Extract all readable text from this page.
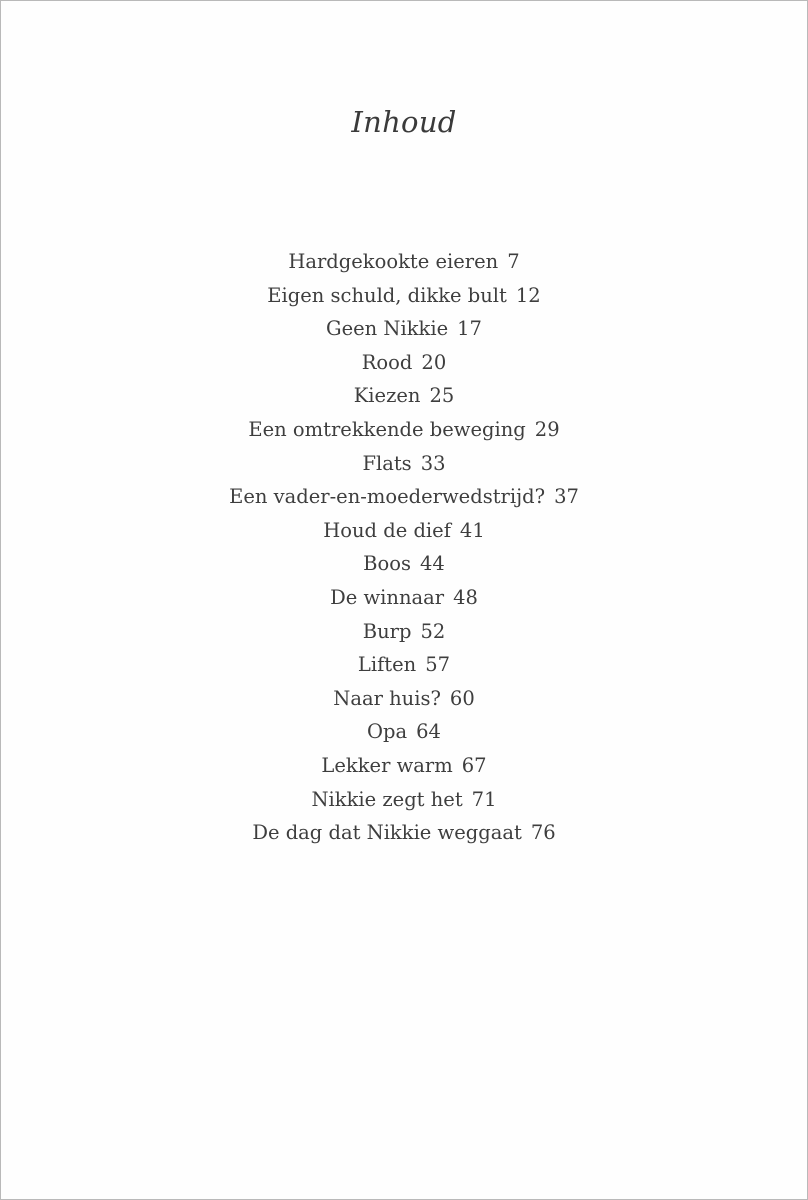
Inhoud
Hardgekookte eieren 7
Eigen schuld, dikke bult 12
Geen Nikkie 17
Rood 20
Kiezen 25
Een omtrekkende beweging 29
Flats 33
Een vader-en-moederwedstrijd? 37
Houd de dief 41
Boos 44
De winnaar 48
Burp 52
Liften 57
Naar huis? 60
Opa 64
Lekker warm 67
Nikkie zegt het 71
De dag dat Nikkie weggaat 76
